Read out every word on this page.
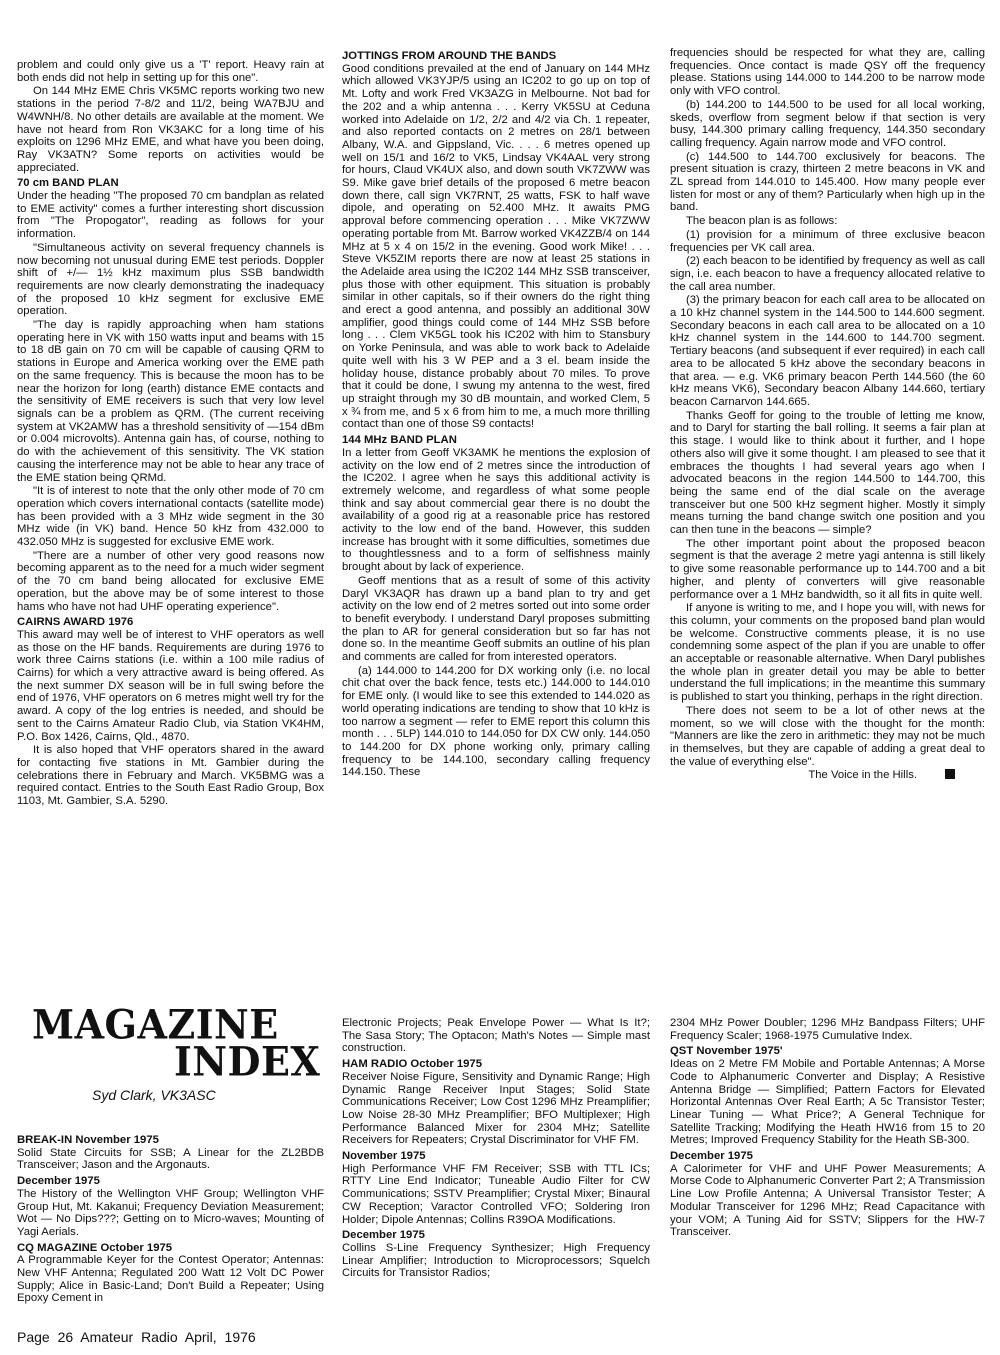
problem and could only give us a 'T' report. Heavy rain at both ends did not help in setting up for this one".

On 144 MHz EME Chris VK5MC reports working two new stations in the period 7-8/2 and 11/2, being WA7BJU and W4WNH/8. No other details are available at the moment. We have not heard from Ron VK3AKC for a long time of his exploits on 1296 MHz EME, and what have you been doing, Ray VK3ATN? Some reports on activities would be appreciated.

70 cm BAND PLAN

Under the heading "The proposed 70 cm bandplan as related to EME activity" comes a further interesting short discussion from "The Propogator", reading as follows for your information.

"Simultaneous activity on several frequency channels is now becoming not unusual during EME test periods. Doppler shift of +/— 1½ kHz maximum plus SSB bandwidth requirements are now clearly demonstrating the inadequacy of the proposed 10 kHz segment for exclusive EME operation.

"The day is rapidly approaching when ham stations operating here in VK with 150 watts input and beams with 15 to 18 dB gain on 70 cm will be capable of causing QRM to stations in Europe and America working over the EME path on the same frequency. This is because the moon has to be near the horizon for long (earth) distance EME contacts and the sensitivity of EME receivers is such that very low level signals can be a problem as QRM. (The current receiving system at VK2AMW has a threshold sensitivity of —154 dBm or 0.004 microvolts). Antenna gain has, of course, nothing to do with the achievement of this sensitivity. The VK station causing the interference may not be able to hear any trace of the EME station being QRMd.

"It is of interest to note that the only other mode of 70 cm operation which covers international contacts (satellite mode) has been provided with a 3 MHz wide segment in the 30 MHz wide (in VK) band. Hence 50 kHz from 432.000 to 432.050 MHz is suggested for exclusive EME work.

"There are a number of other very good reasons now becoming apparent as to the need for a much wider segment of the 70 cm band being allocated for exclusive EME operation, but the above may be of some interest to those hams who have not had UHF operating experience".

CAIRNS AWARD 1976

This award may well be of interest to VHF operators as well as those on the HF bands. Requirements are during 1976 to work three Cairns stations (i.e. within a 100 mile radius of Cairns) for which a very attractive award is being offered. As the next summer DX season will be in full swing before the end of 1976, VHF operators on 6 metres might well try for the award. A copy of the log entries is needed, and should be sent to the Cairns Amateur Radio Club, via Station VK4HM, P.O. Box 1426, Cairns, Qld., 4870.

It is also hoped that VHF operators shared in the award for contacting five stations in Mt. Gambier during the celebrations there in February and March. VK5BMG was a required contact. Entries to the South East Radio Group, Box 1103, Mt. Gambier, S.A. 5290.

JOTTINGS FROM AROUND THE BANDS

Good conditions prevailed at the end of January on 144 MHz which allowed VK3YJP/5 using an IC202 to go up on top of Mt. Lofty and work Fred VK3AZG in Melbourne. Not bad for the 202 and a whip antenna . . . Kerry VK5SU at Ceduna worked into Adelaide on 1/2, 2/2 and 4/2 via Ch. 1 repeater, and also reported contacts on 2 metres on 28/1 between Albany, W.A. and Gippsland, Vic. . . . 6 metres opened up well on 15/1 and 16/2 to VK5, Lindsay VK4AAL very strong for hours, Claud VK4UX also, and down south VK7ZWW was S9. Mike gave brief details of the proposed 6 metre beacon down there, call sign VK7RNT, 25 watts, FSK to half wave dipole, and operating on 52.400 MHz. It awaits PMG approval before commencing operation . . . Mike VK7ZWW operating portable from Mt. Barrow worked VK4ZZB/4 on 144 MHz at 5 x 4 on 15/2 in the evening. Good work Mike! . . . Steve VK5ZIM reports there are now at least 25 stations in the Adelaide area using the IC202 144 MHz SSB transceiver, plus those with other equipment. This situation is probably similar in other capitals, so if their owners do the right thing and erect a good antenna, and possibly an additional 30W amplifier, good things could come of 144 MHz SSB before long . . . Clem VK5GL took his IC202 with him to Stansbury on Yorke Peninsula, and was able to work back to Adelaide quite well with his 3 W PEP and a 3 el. beam inside the holiday house, distance probably about 70 miles. To prove that it could be done, I swung my antenna to the west, fired up straight through my 30 dB mountain, and worked Clem, 5 x ¾ from me, and 5 x 6 from him to me, a much more thrilling contact than one of those S9 contacts!

144 MHz BAND PLAN

In a letter from Geoff VK3AMK he mentions the explosion of activity on the low end of 2 metres since the introduction of the IC202. I agree when he says this additional activity is extremely welcome, and regardless of what some people think and say about commercial gear there is no doubt the availability of a good rig at a reasonable price has restored activity to the low end of the band. However, this sudden increase has brought with it some difficulties, sometimes due to thoughtlessness and to a form of selfishness mainly brought about by lack of experience.

Geoff mentions that as a result of some of this activity Daryl VK3AQR has drawn up a band plan to try and get activity on the low end of 2 metres sorted out into some order to benefit everybody. I understand Daryl proposes submitting the plan to AR for general consideration but so far has not done so. In the meantime Geoff submits an outline of his plan and comments are called for from interested operators.

(a) 144.000 to 144.200 for DX working only (i.e. no local chit chat over the back fence, tests etc.) 144.000 to 144.010 for EME only. (I would like to see this extended to 144.020 as world operating indications are tending to show that 10 kHz is too narrow a segment — refer to EME report this column this month . . . 5LP) 144.010 to 144.050 for DX CW only. 144.050 to 144.200 for DX phone working only, primary calling frequency to be 144.100, secondary calling frequency 144.150. These

frequencies should be respected for what they are, calling frequencies. Once contact is made QSY off the frequency please. Stations using 144.000 to 144.200 to be narrow mode only with VFO control.

(b) 144.200 to 144.500 to be used for all local working, skeds, overflow from segment below if that section is very busy, 144.300 primary calling frequency, 144.350 secondary calling frequency. Again narrow mode and VFO control.

(c) 144.500 to 144.700 exclusively for beacons. The present situation is crazy, thirteen 2 metre beacons in VK and ZL spread from 144.010 to 145.400. How many people ever listen for most or any of them? Particularly when high up in the band.

The beacon plan is as follows:

(1) provision for a minimum of three exclusive beacon frequencies per VK call area.

(2) each beacon to be identified by frequency as well as call sign, i.e. each beacon to have a frequency allocated relative to the call area number.

(3) the primary beacon for each call area to be allocated on a 10 kHz channel system in the 144.500 to 144.600 segment. Secondary beacons in each call area to be allocated on a 10 kHz channel system in the 144.600 to 144.700 segment. Tertiary beacons (and subsequent if ever required) in each call area to be allocated 5 kHz above the secondary beacons in that area. — e.g. VK6 primary beacon Perth 144.560 (the 60 kHz means VK6), Secondary beacon Albany 144.660, tertiary beacon Carnarvon 144.665.

Thanks Geoff for going to the trouble of letting me know, and to Daryl for starting the ball rolling. It seems a fair plan at this stage. I would like to think about it further, and I hope others also will give it some thought. I am pleased to see that it embraces the thoughts I had several years ago when I advocated beacons in the region 144.500 to 144.700, this being the same end of the dial scale on the average transceiver but one 500 kHz segment higher. Mostly it simply means turning the band change switch one position and you can then tune in the beacons — simple?

The other important point about the proposed beacon segment is that the average 2 metre yagi antenna is still likely to give some reasonable performance up to 144.700 and a bit higher, and plenty of converters will give reasonable performance over a 1 MHz bandwidth, so it all fits in quite well.

If anyone is writing to me, and I hope you will, with news for this column, your comments on the proposed band plan would be welcome. Constructive comments please, it is no use condemning some aspect of the plan if you are unable to offer an acceptable or reasonable alternative. When Daryl publishes the whole plan in greater detail you may be able to better understand the full implications; in the meantime this summary is published to start you thinking, perhaps in the right direction.

There does not seem to be a lot of other news at the moment, so we will close with the thought for the month: "Manners are like the zero in arithmetic: they may not be much in themselves, but they are capable of adding a great deal to the value of everything else".

The Voice in the Hills.

MAGAZINE
INDEX
Syd Clark, VK3ASC

BREAK-IN November 1975

Solid State Circuits for SSB; A Linear for the ZL2BDB Transceiver; Jason and the Argonauts.

December 1975

The History of the Wellington VHF Group; Wellington VHF Group Hut, Mt. Kakanui; Frequency Deviation Measurement; Wot — No Dips???; Getting on to Micro-waves; Mounting of Yagi Aerials.

CQ MAGAZINE October 1975

A Programmable Keyer for the Contest Operator; Antennas: New VHF Antenna; Regulated 200 Watt 12 Volt DC Power Supply; Alice in Basic-Land; Don't Build a Repeater; Using Epoxy Cement in

Electronic Projects; Peak Envelope Power — What Is It?; The Sasa Story; The Optacon; Math's Notes — Simple mast construction.

HAM RADIO October 1975

Receiver Noise Figure, Sensitivity and Dynamic Range; High Dynamic Range Receiver Input Stages; Solid State Communications Receiver; Low Cost 1296 MHz Preamplifier; Low Noise 28-30 MHz Preamplifier; BFO Multiplexer; High Performance Balanced Mixer for 2304 MHz; Satellite Receivers for Repeaters; Crystal Discriminator for VHF FM.

November 1975

High Performance VHF FM Receiver; SSB with TTL ICs; RTTY Line End Indicator; Tuneable Audio Filter for CW Communications; SSTV Preamplifier; Crystal Mixer; Binaural CW Reception; Varactor Controlled VFO; Soldering Iron Holder; Dipole Antennas; Collins R39OA Modifications.

December 1975

Collins S-Line Frequency Synthesizer; High Frequency Linear Amplifier; Introduction to Microprocessors; Squelch Circuits for Transistor Radios;

2304 MHz Power Doubler; 1296 MHz Bandpass Filters; UHF Frequency Scaler; 1968-1975 Cumulative Index.

QST November 1975'

Ideas on 2 Metre FM Mobile and Portable Antennas; A Morse Code to Alphanumeric Converter and Display; A Resistive Antenna Bridge — Simplified; Pattern Factors for Elevated Horizontal Antennas Over Real Earth; A 5c Transistor Tester; Linear Tuning — What Price?; A General Technique for Satellite Tracking; Modifying the Heath HW16 from 15 to 20 Metres; Improved Frequency Stability for the Heath SB-300.

December 1975

A Calorimeter for VHF and UHF Power Measurements; A Morse Code to Alphanumeric Converter Part 2; A Transmission Line Low Profile Antenna; A Universal Transistor Tester; A Modular Transceiver for 1296 MHz; Read Capacitance with your VOM; A Tuning Aid for SSTV; Slippers for the HW-7 Transceiver.

Page 26 Amateur Radio April, 1976
